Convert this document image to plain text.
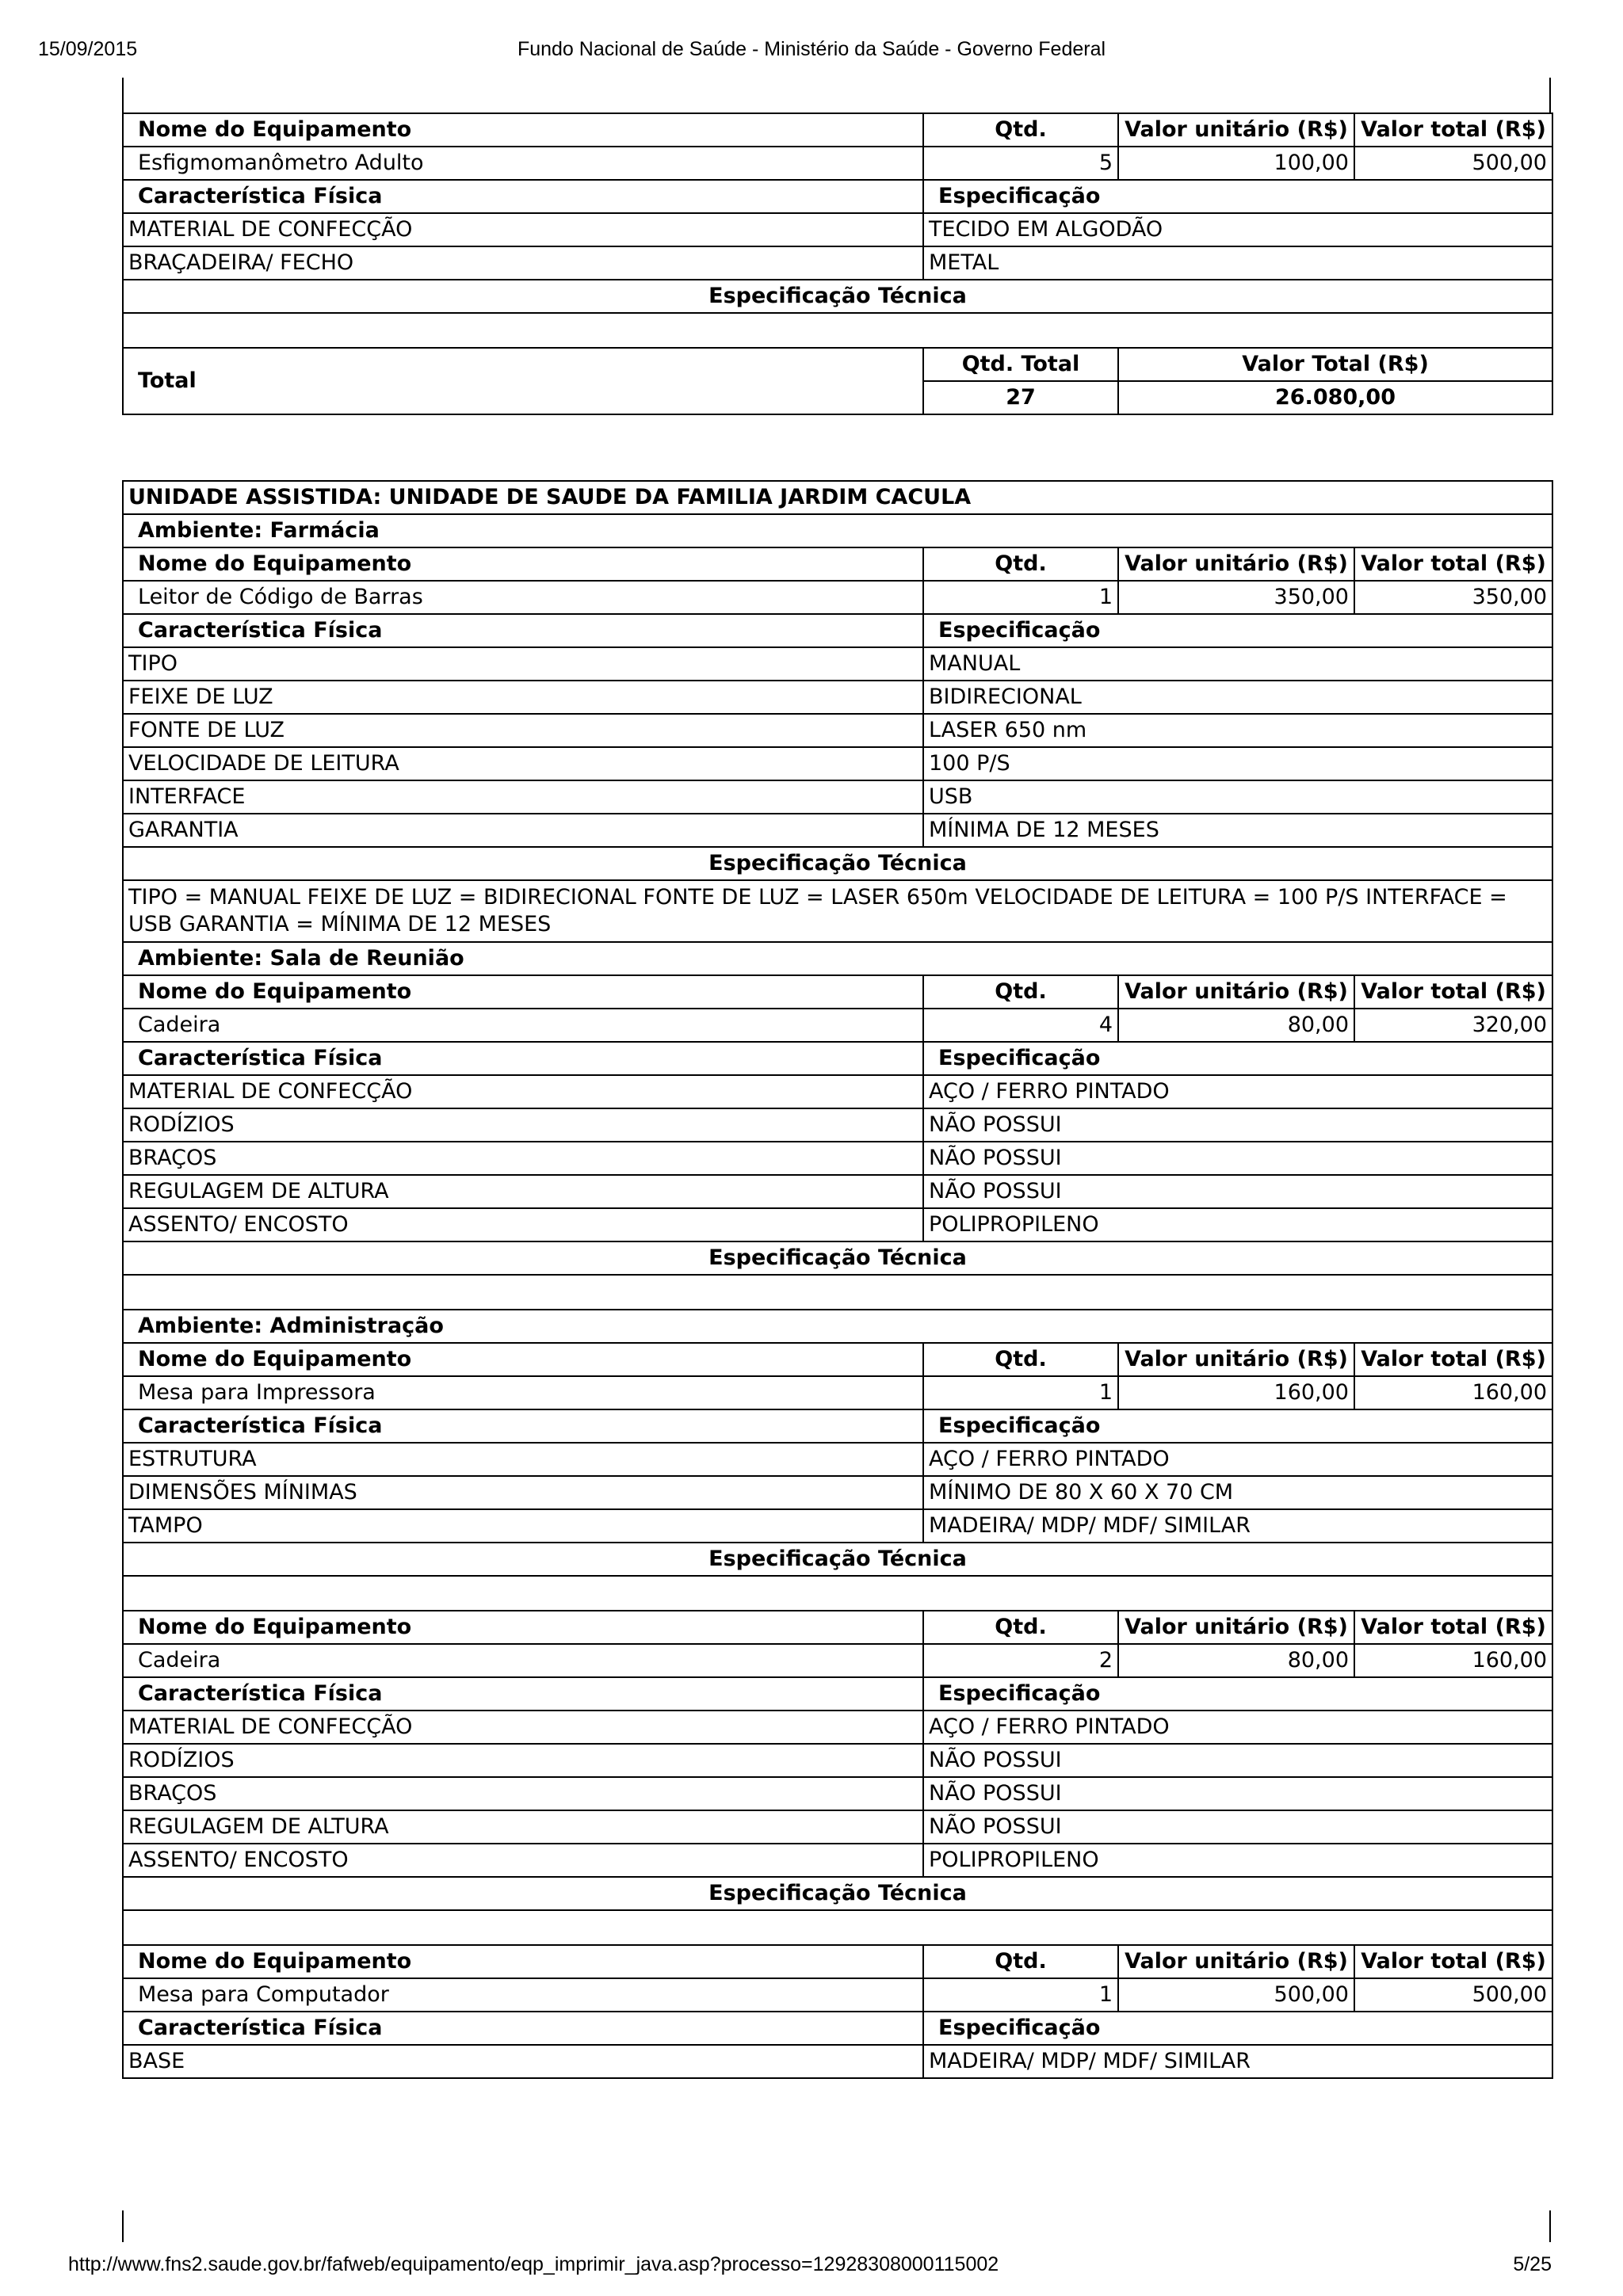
15/09/2015	Fundo Nacional de Saúde - Ministério da Saúde - Governo Federal
Nome do Equipamento	Qtd.	Valor unitário (R$)	Valor total (R$)
Esfigmomanômetro Adulto	5	100,00	500,00
Característica Física	Especificação		
MATERIAL DE CONFECÇÃO	TECIDO EM ALGODÃO		
BRAÇADEIRA/ FECHO	METAL		
Especificação Técnica			

Total	Qtd. Total	Valor Total (R$)	
	27	26.080,00	
UNIDADE ASSISTIDA: UNIDADE DE SAUDE DA FAMILIA JARDIM CACULA			
Ambiente: Farmácia			
Nome do Equipamento	Qtd.	Valor unitário (R$)	Valor total (R$)
Leitor de Código de Barras	1	350,00	350,00
Característica Física	Especificação		
TIPO	MANUAL		
FEIXE DE LUZ	BIDIRECIONAL		
FONTE DE LUZ	LASER 650 nm		
VELOCIDADE DE LEITURA	100 P/S		
INTERFACE	USB		
GARANTIA	MÍNIMA DE 12 MESES		
Especificação Técnica			
TIPO = MANUAL FEIXE DE LUZ = BIDIRECIONAL FONTE DE LUZ = LASER 650m VELOCIDADE DE LEITURA = 100 P/S INTERFACE = USB GARANTIA = MÍNIMA DE 12 MESES			
Ambiente: Sala de Reunião			
Nome do Equipamento	Qtd.	Valor unitário (R$)	Valor total (R$)
Cadeira	4	80,00	320,00
Característica Física	Especificação		
MATERIAL DE CONFECÇÃO	AÇO / FERRO PINTADO		
RODÍZIOS	NÃO POSSUI		
BRAÇOS	NÃO POSSUI		
REGULAGEM DE ALTURA	NÃO POSSUI		
ASSENTO/ ENCOSTO	POLIPROPILENO		
Especificação Técnica			

Ambiente: Administração			
Nome do Equipamento	Qtd.	Valor unitário (R$)	Valor total (R$)
Mesa para Impressora	1	160,00	160,00
Característica Física	Especificação		
ESTRUTURA	AÇO / FERRO PINTADO		
DIMENSÕES MÍNIMAS	MÍNIMO DE 80 X 60 X 70 CM		
TAMPO	MADEIRA/ MDP/ MDF/ SIMILAR		
Especificação Técnica			

Nome do Equipamento	Qtd.	Valor unitário (R$)	Valor total (R$)
Cadeira	2	80,00	160,00
Característica Física	Especificação		
MATERIAL DE CONFECÇÃO	AÇO / FERRO PINTADO		
RODÍZIOS	NÃO POSSUI		
BRAÇOS	NÃO POSSUI		
REGULAGEM DE ALTURA	NÃO POSSUI		
ASSENTO/ ENCOSTO	POLIPROPILENO		
Especificação Técnica			

Nome do Equipamento	Qtd.	Valor unitário (R$)	Valor total (R$)
Mesa para Computador	1	500,00	500,00
Característica Física	Especificação		
BASE	MADEIRA/ MDP/ MDF/ SIMILAR		
http://www.fns2.saude.gov.br/fafweb/equipamento/eqp_imprimir_java.asp?processo=12928308000115002	5/25
